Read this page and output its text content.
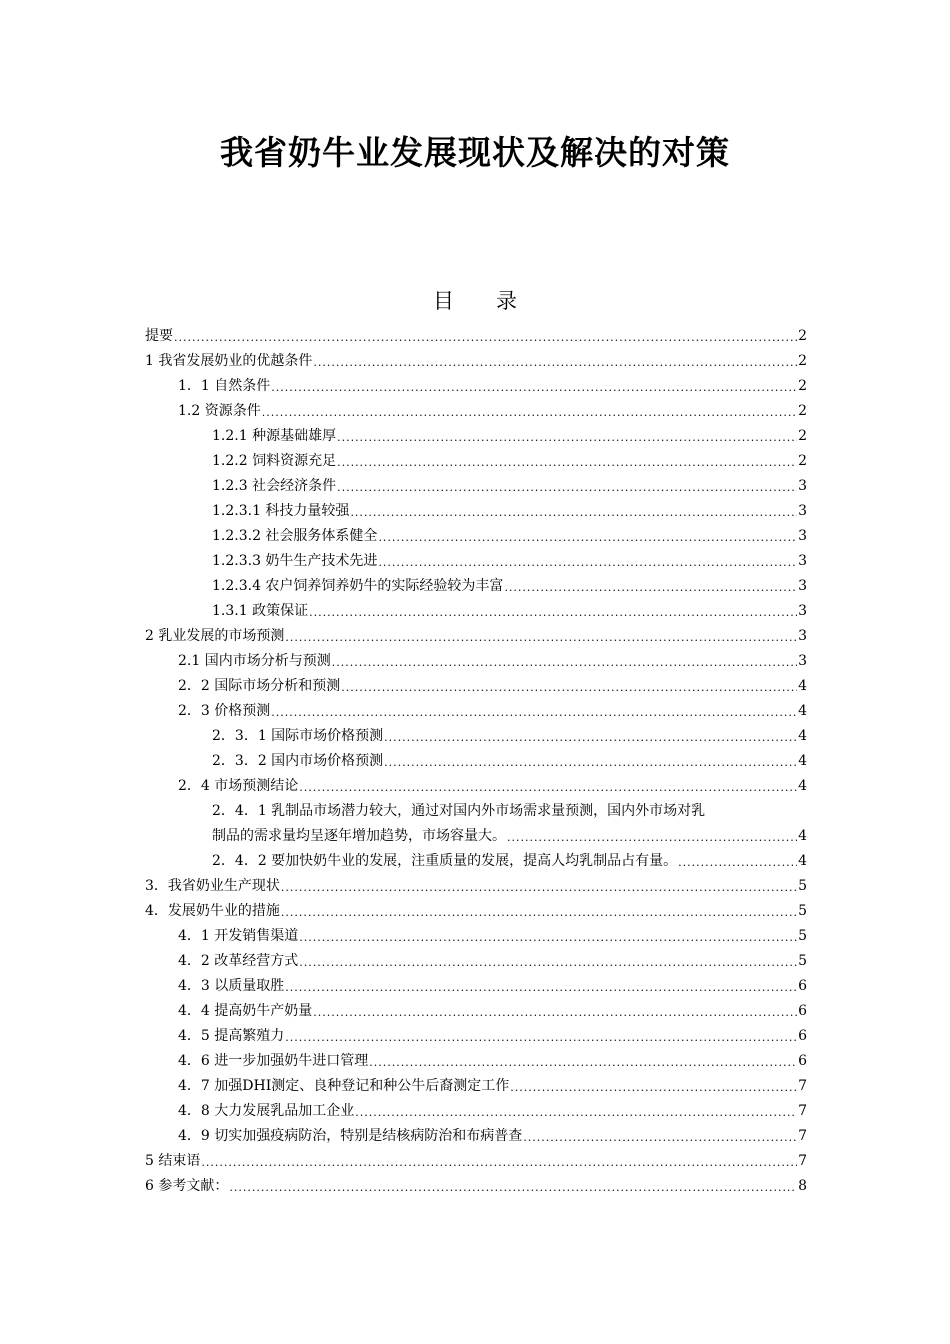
我省奶牛业发展现状及解决的对策
目 录
提要 .....	2
1 我省发展奶业的优越条件 .....	2
1．1 自然条件 .....	2
1.2 资源条件 .....	2
1.2.1 种源基础雄厚 .....	2
1.2.2 饲料资源充足 .....	2
1.2.3 社会经济条件 .....	3
1.2.3.1 科技力量较强 .....	3
1.2.3.2 社会服务体系健全 .....	3
1.2.3.3 奶牛生产技术先进 .....	3
1.2.3.4 农户饲养饲养奶牛的实际经验较为丰富 .....	3
1.3.1 政策保证 .....	3
2 乳业发展的市场预测 .....	3
2.1 国内市场分析与预测 .....	3
2．2 国际市场分析和预测 .....	4
2．3 价格预测 .....	4
2．3．1 国际市场价格预测 .....	4
2．3．2 国内市场价格预测 .....	4
2．4 市场预测结论 .....	4
2．4．1 乳制品市场潜力较大，通过对国内外市场需求量预测，国内外市场对乳
制品的需求量均呈逐年增加趋势，市场容量大。 .....	4
2．4．2 要加快奶牛业的发展，注重质量的发展，提高人均乳制品占有量。 .....	4
3．我省奶业生产现状 .....	5
4．发展奶牛业的措施 .....	5
4．1 开发销售渠道 .....	5
4．2 改革经营方式 .....	5
4．3 以质量取胜 .....	6
4．4 提高奶牛产奶量 .....	6
4．5 提高繁殖力 .....	6
4．6 进一步加强奶牛进口管理 .....	6
4．7 加强DHI测定、良种登记和种公牛后裔测定工作 .....	7
4．8 大力发展乳品加工企业 .....	7
4．9 切实加强疫病防治，特别是结核病防治和布病普查 .....	7
5 结束语 .....	7
6 参考文献： .....	8
